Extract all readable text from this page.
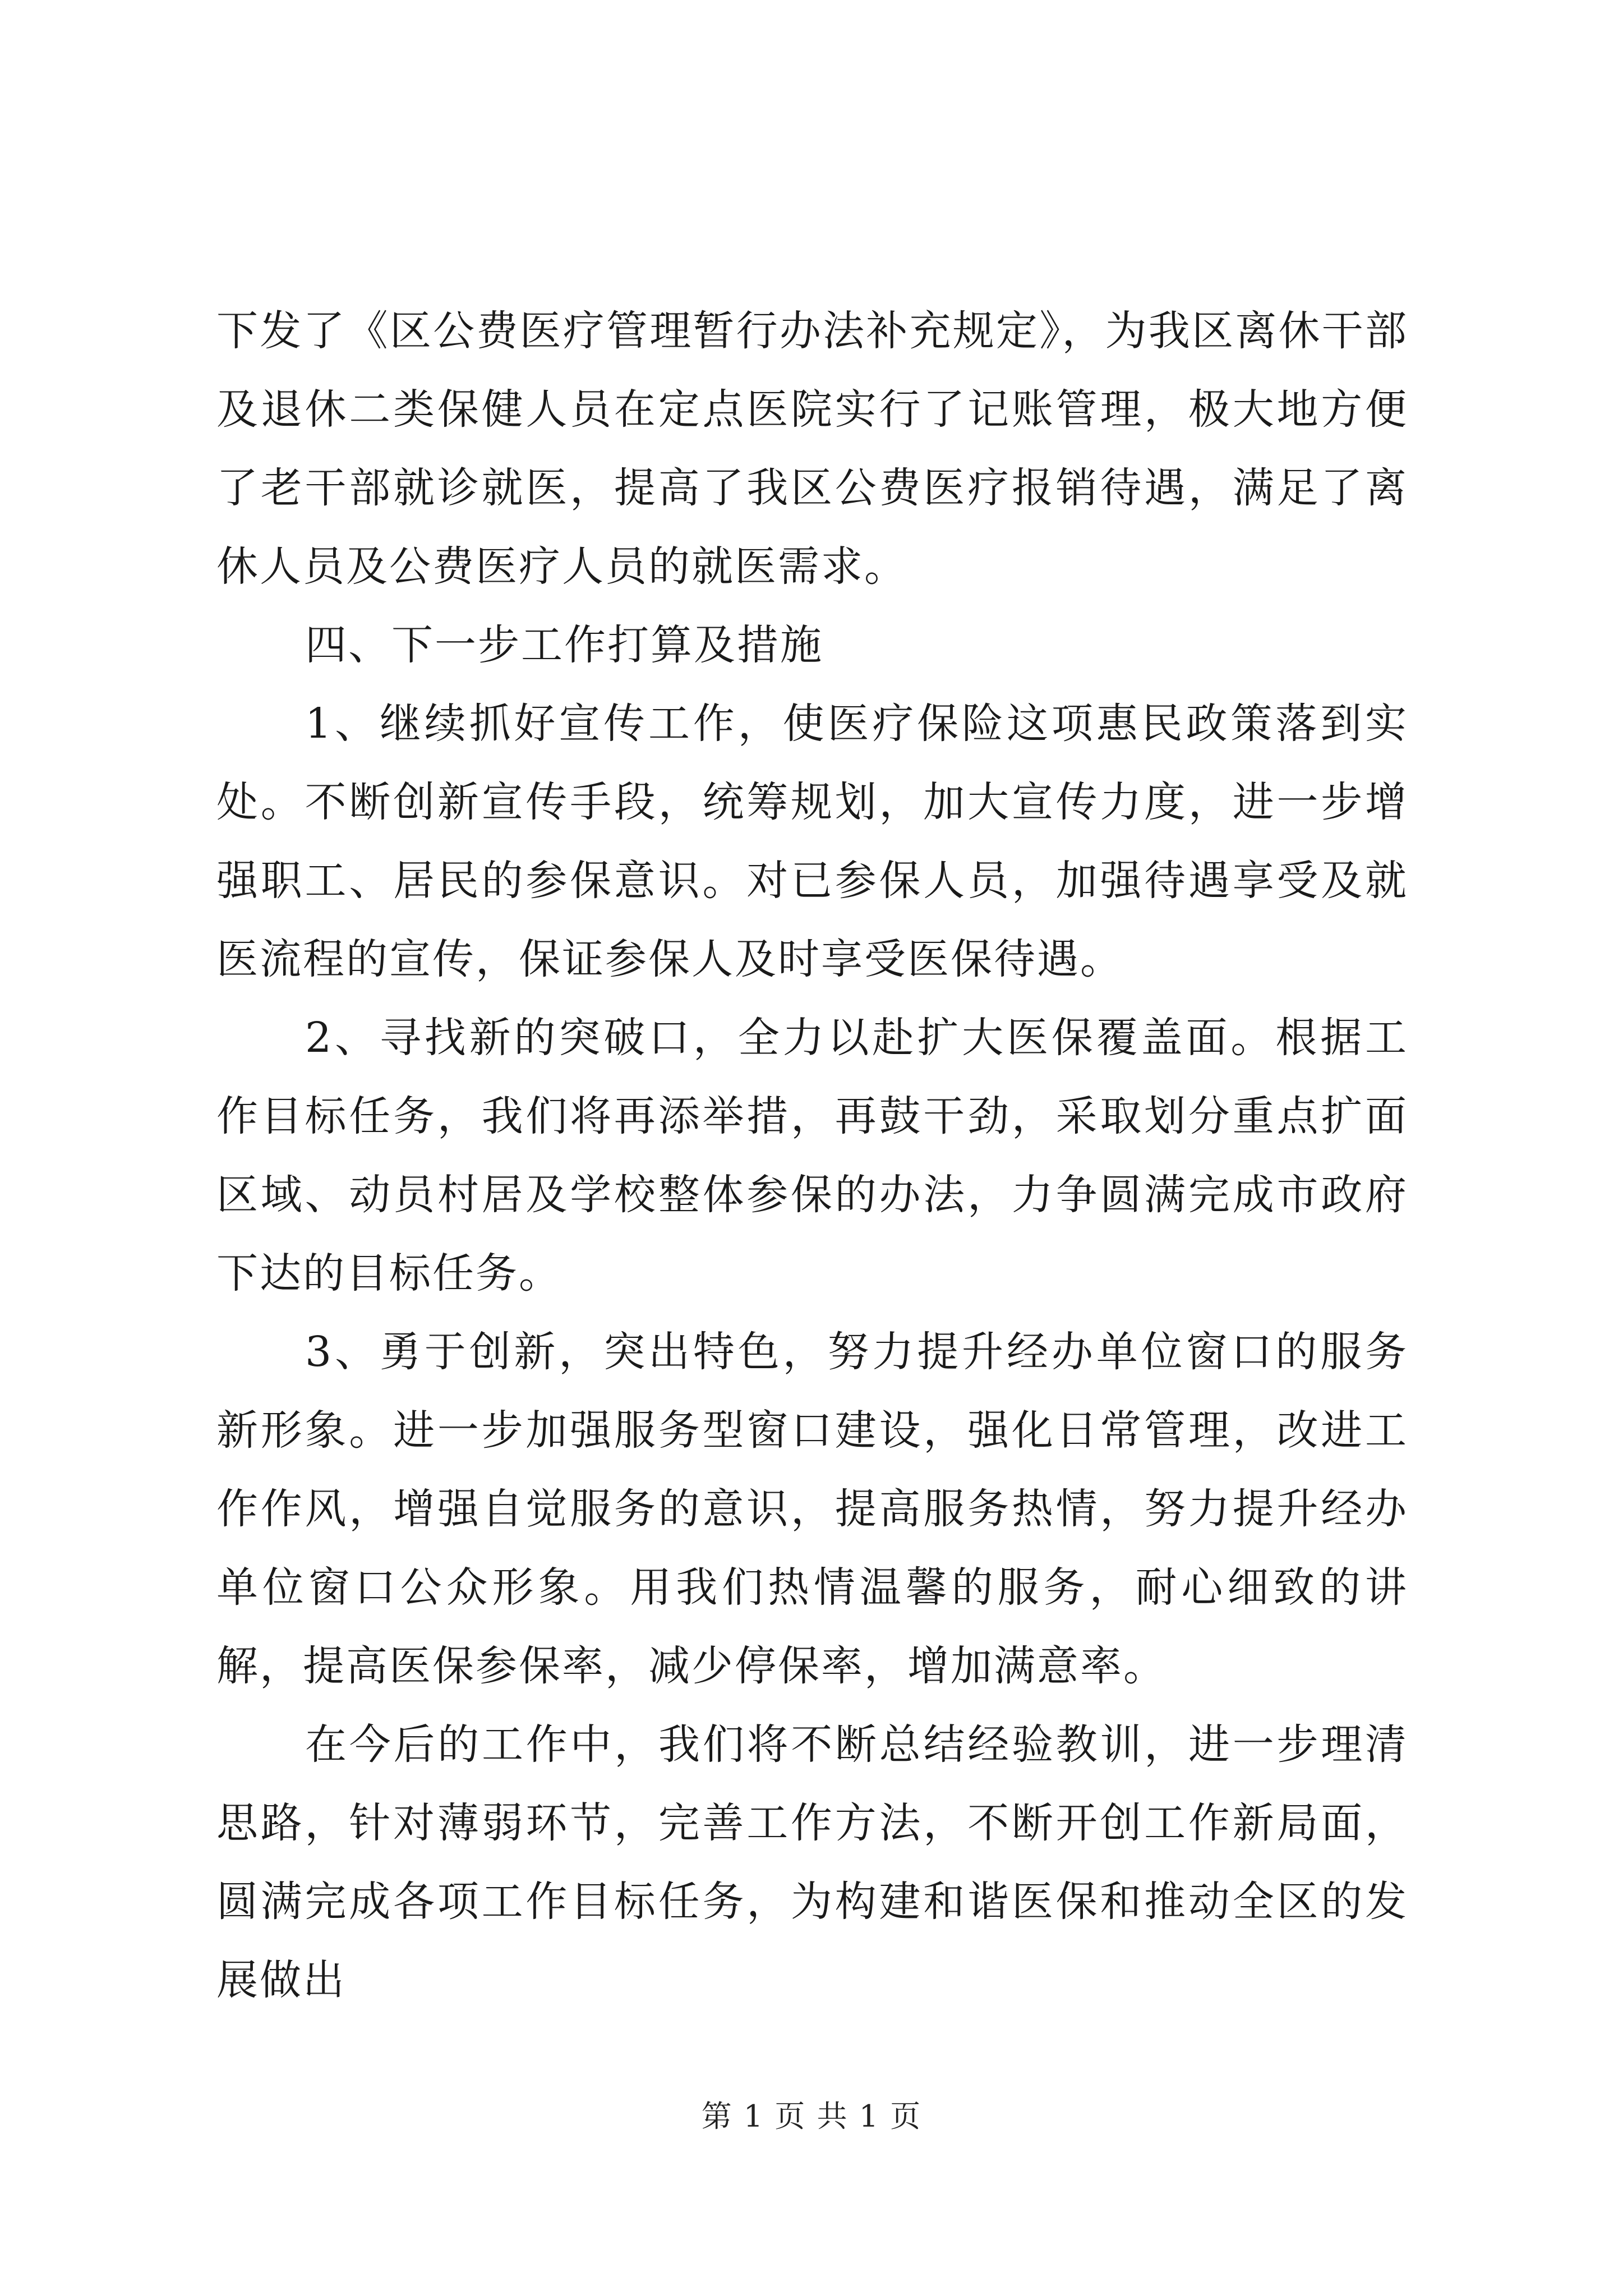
下发了《区公费医疗管理暂行办法补充规定》，为我区离休干部及退休二类保健人员在定点医院实行了记账管理，极大地方便了老干部就诊就医，提高了我区公费医疗报销待遇，满足了离休人员及公费医疗人员的就医需求。

四、下一步工作打算及措施

1、继续抓好宣传工作，使医疗保险这项惠民政策落到实处。不断创新宣传手段，统筹规划，加大宣传力度，进一步增强职工、居民的参保意识。对已参保人员，加强待遇享受及就医流程的宣传，保证参保人及时享受医保待遇。

2、寻找新的突破口，全力以赴扩大医保覆盖面。根据工作目标任务，我们将再添举措，再鼓干劲，采取划分重点扩面区域、动员村居及学校整体参保的办法，力争圆满完成市政府下达的目标任务。

3、勇于创新，突出特色，努力提升经办单位窗口的服务新形象。进一步加强服务型窗口建设，强化日常管理，改进工作作风，增强自觉服务的意识，提高服务热情，努力提升经办单位窗口公众形象。用我们热情温馨的服务，耐心细致的讲解，提高医保参保率，减少停保率，增加满意率。

在今后的工作中，我们将不断总结经验教训，进一步理清思路，针对薄弱环节，完善工作方法，不断开创工作新局面，圆满完成各项工作目标任务，为构建和谐医保和推动全区的发展做出

第 1 页 共 1 页
